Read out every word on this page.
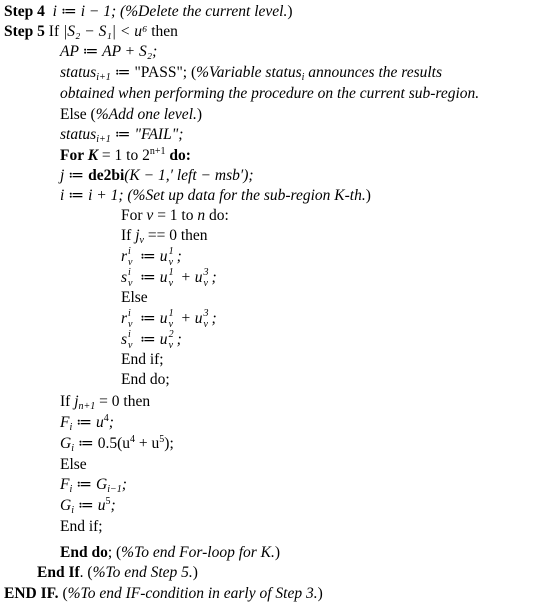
Step 4 i ≔ i − 1; (%Delete the current level.)
Step 5 If |S₂ − S₁| < u⁶ then
AP ≔ AP + S₂;
status$_{i+1}$ ≔ "PASS"; (%Variable status$_i$ announces the results
obtained when performing the procedure on the current sub-region.
Else (%Add one level.)
status$_{i+1}$ ≔ "FAIL";
For K = 1 to $2^{n+1}$ do:
j ≔ de2bi(K − 1,′ left − msb′);
i ≔ i + 1; (%Set up data for the sub-region K-th.)
For v = 1 to n do:
If $j_v == 0$ then
r i
v ≔ u 1
v ;
s i
v ≔ u 1
v + u 3
v ;
Else
r i
v ≔ u 1
v + u 3
v ;
s i
v ≔ u 2
v ;
End if;
End do;
If $j_{n+1} = 0$ then
$F_i$ ≔ $u^4$;
$G_i$ ≔ $0.5(u^4 + u^5)$;
Else
$F_i$ ≔ $G_{i-1}$;
$G_i$ ≔ $u^5$;
End if;
End do; (%To end For-loop for K.)
End If. (%To end Step 5.)
END IF. (%To end IF-condition in early of Step 3.)
